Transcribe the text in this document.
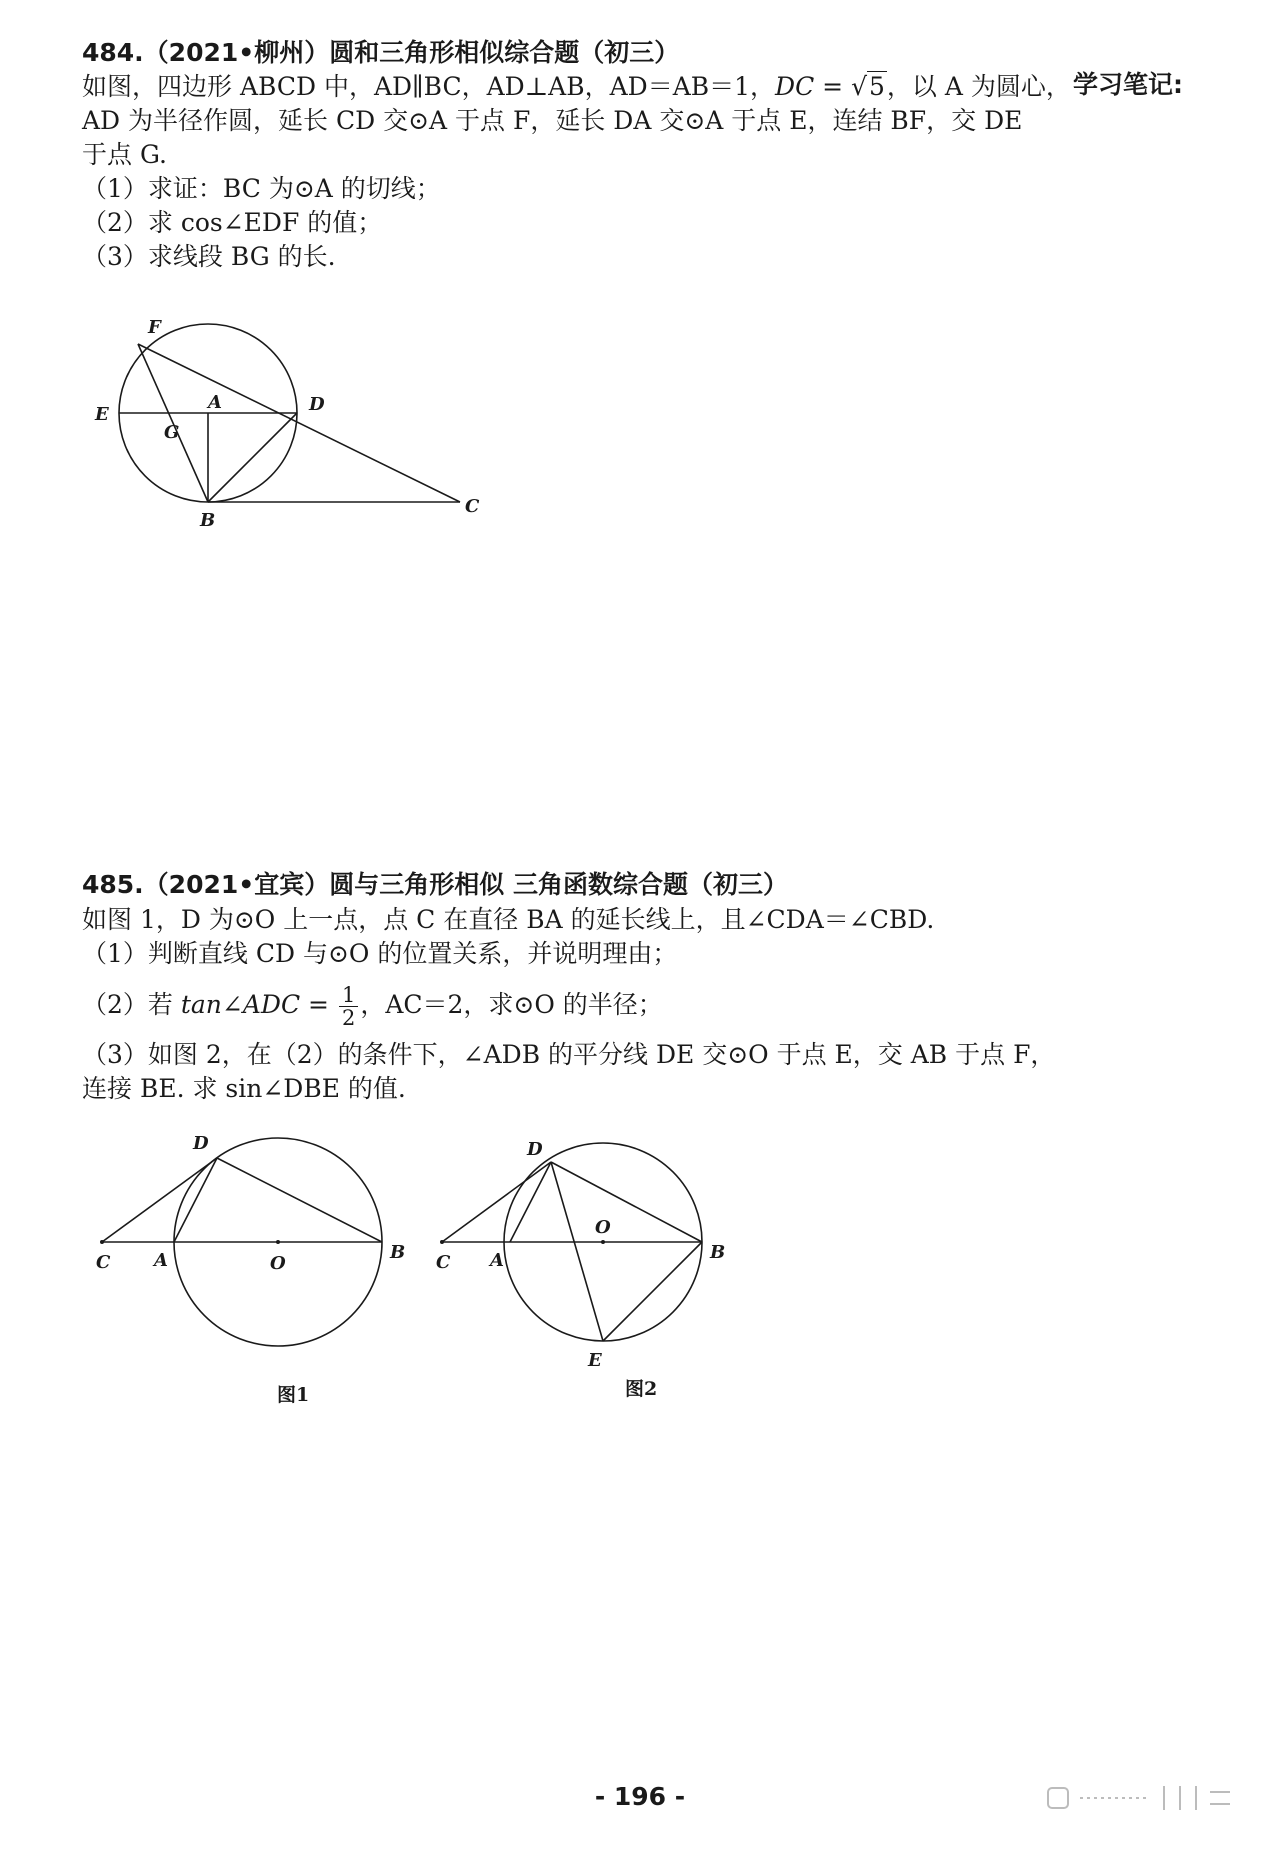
学习笔记:
484.（2021•柳州）圆和三角形相似综合题（初三）
如图，四边形 ABCD 中，AD∥BC，AD⊥AB，AD＝AB＝1，DC = √5，以 A 为圆心，
AD 为半径作圆，延长 CD 交⊙A 于点 F，延长 DA 交⊙A 于点 E，连结 BF，交 DE
于点 G.
（1）求证：BC 为⊙A 的切线；
（2）求 cos∠EDF 的值；
（3）求线段 BG 的长.
F
E
A	D
G
B
C
485.（2021•宜宾）圆与三角形相似 三角函数综合题（初三）
如图 1，D 为⊙O 上一点，点 C 在直径 BA 的延长线上，且∠CDA＝∠CBD.
（1）判断直线 CD 与⊙O 的位置关系，并说明理由；
（2）若 tan∠ADC = $\frac{1}{2}$ ，AC＝2，求⊙O 的半径；
（3）如图 2，在（2）的条件下，∠ADB 的平分线 DE 交⊙O 于点 E，交 AB 于点 F，
连接 BE. 求 sin∠DBE 的值.
D
C A	O
B
图1
D
C A
O
B
E
图2
- 196 -
